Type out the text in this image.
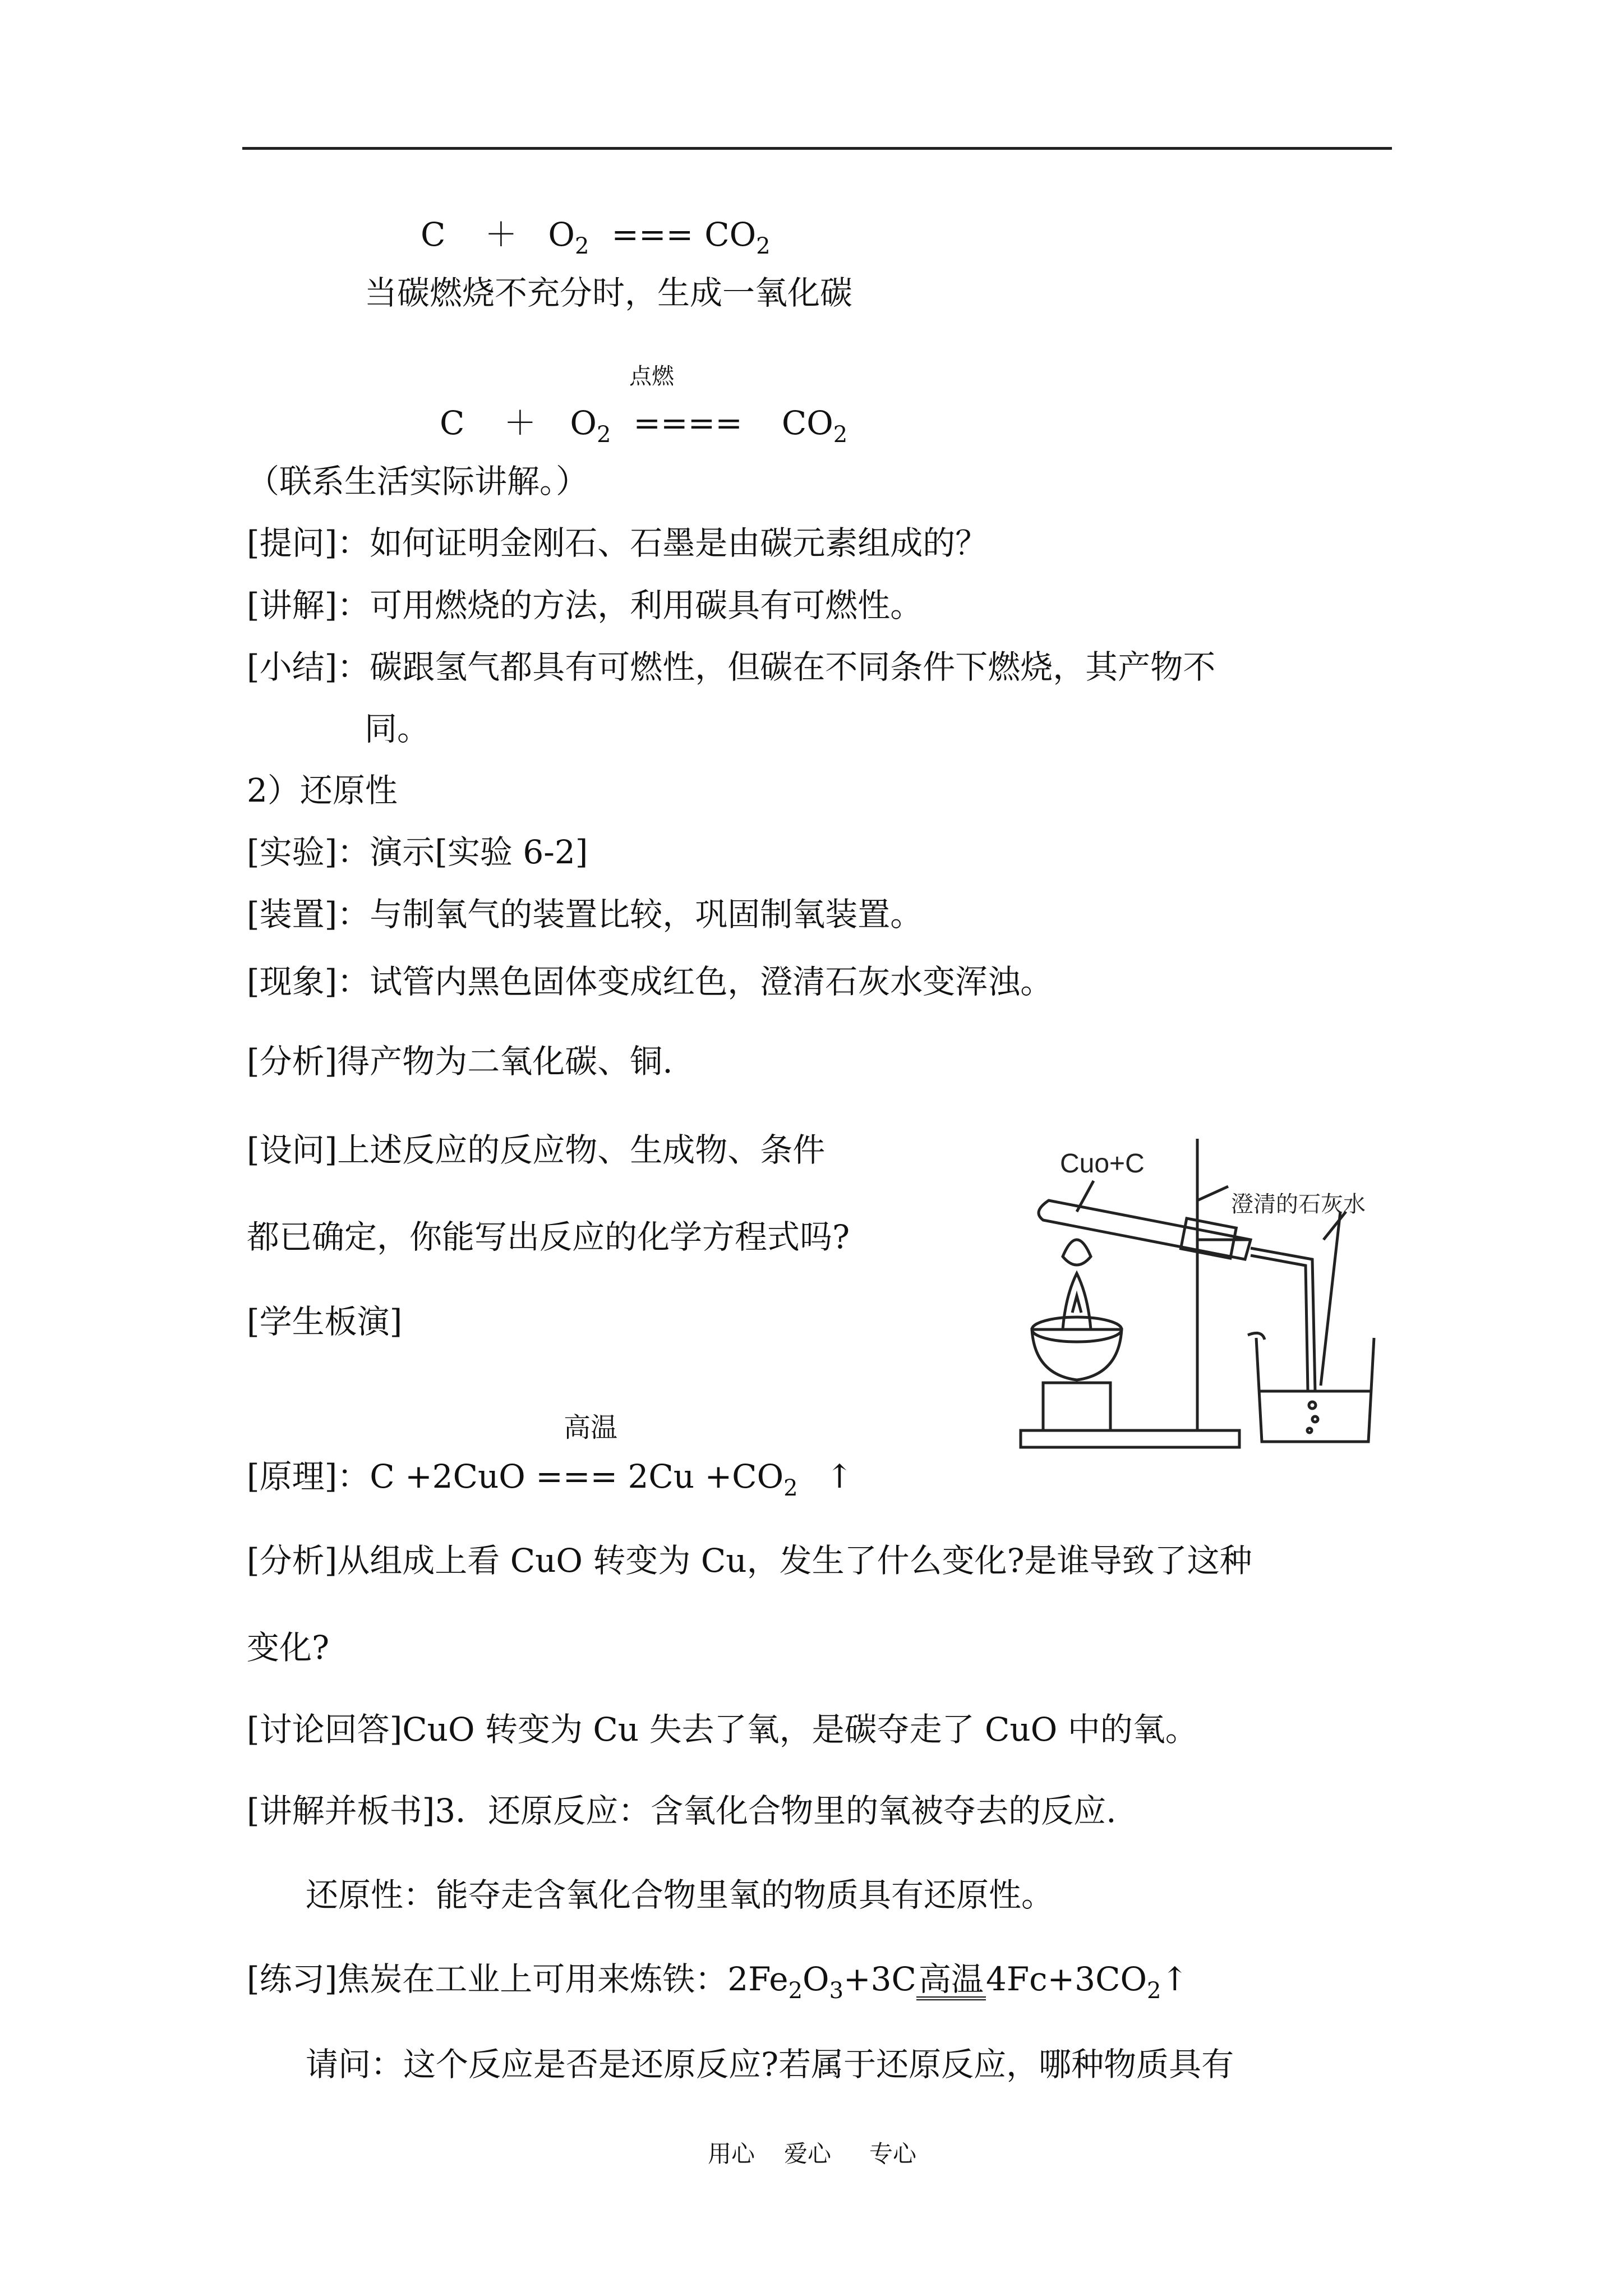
$C + O_2$ === $CO_2$
当碳燃烧不充分时，生成一氧化碳
点燃
$C + O_2$ ==== $CO_2$
（联系生活实际讲解。）
[提问]：如何证明金刚石、石墨是由碳元素组成的？
[讲解]：可用燃烧的方法，利用碳具有可燃性。
[小结]：碳跟氢气都具有可燃性，但碳在不同条件下燃烧，其产物不
同。
2）还原性
[实验]：演示[实验 6-2]
[装置]：与制氧气的装置比较，巩固制氧装置。
[现象]：试管内黑色固体变成红色，澄清石灰水变浑浊。
[分析]得产物为二氧化碳、铜.
[设问]上述反应的反应物、生成物、条件
都已确定，你能写出反应的化学方程式吗?
[学生板演]
Cuo+C
澄清的石灰水
高温
[原理]：C +2CuO === $2Cu +CO_2$ ↑
[分析]从组成上看 CuO 转变为 Cu，发生了什么变化?是谁导致了这种
变化?
[讨论回答]CuO 转变为 Cu 失去了氧，是碳夺走了 CuO 中的氧。
[讲解并板书]3．还原反应：含氧化合物里的氧被夺去的反应.
还原性：能夺走含氧化合物里氧的物质具有还原性。
[练习]焦炭在工业上可用来炼铁：$2Fe_2O_3+3C$高温$4Fc+3CO_2↑$
请问：这个反应是否是还原反应?若属于还原反应，哪种物质具有
用心 爱心 专心
